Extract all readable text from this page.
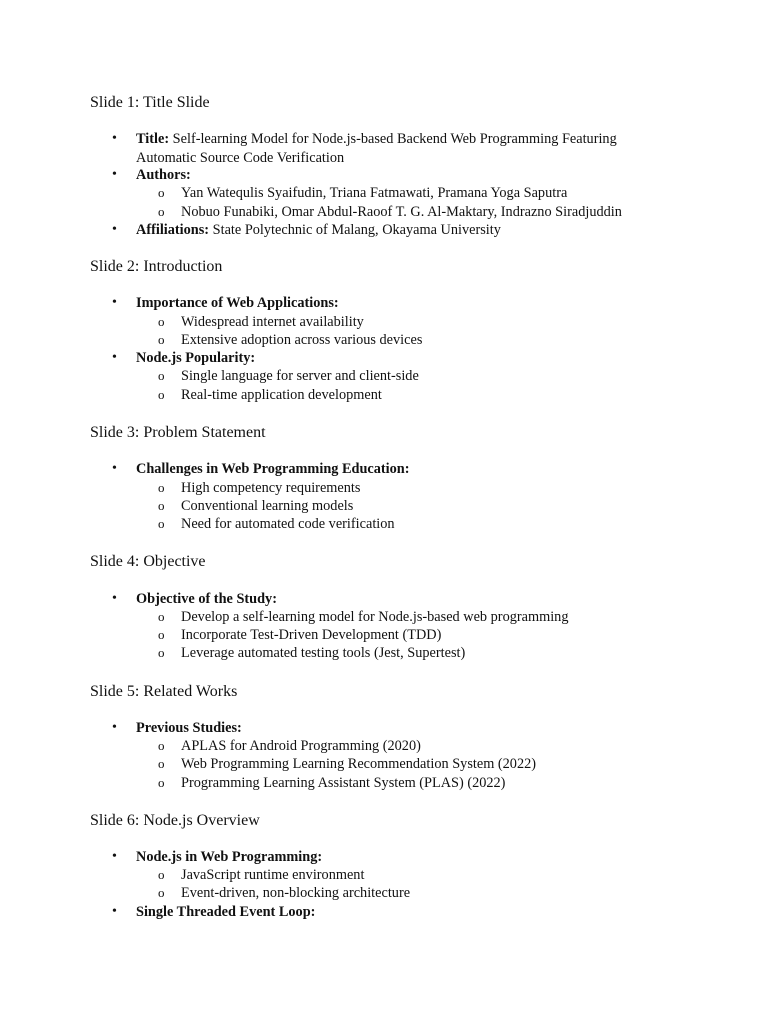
Slide 1: Title Slide
•
Title: Self-learning Model for Node.js-based Backend Web Programming Featuring
Automatic Source Code Verification
•
Authors:
o
Yan Watequlis Syaifudin, Triana Fatmawati, Pramana Yoga Saputra
o
Nobuo Funabiki, Omar Abdul-Raoof T. G. Al-Maktary, Indrazno Siradjuddin
•
Affiliations: State Polytechnic of Malang, Okayama University
Slide 2: Introduction
•
Importance of Web Applications:
o
Widespread internet availability
o
Extensive adoption across various devices
•
Node.js Popularity:
o
Single language for server and client-side
o
Real-time application development
Slide 3: Problem Statement
•
Challenges in Web Programming Education:
o
High competency requirements
o
Conventional learning models
o
Need for automated code verification
Slide 4: Objective
•
Objective of the Study:
o
Develop a self-learning model for Node.js-based web programming
o
Incorporate Test-Driven Development (TDD)
o
Leverage automated testing tools (Jest, Supertest)
Slide 5: Related Works
•
Previous Studies:
o
APLAS for Android Programming (2020)
o
Web Programming Learning Recommendation System (2022)
o
Programming Learning Assistant System (PLAS) (2022)
Slide 6: Node.js Overview
•
Node.js in Web Programming:
o
JavaScript runtime environment
o
Event-driven, non-blocking architecture
•
Single Threaded Event Loop:
